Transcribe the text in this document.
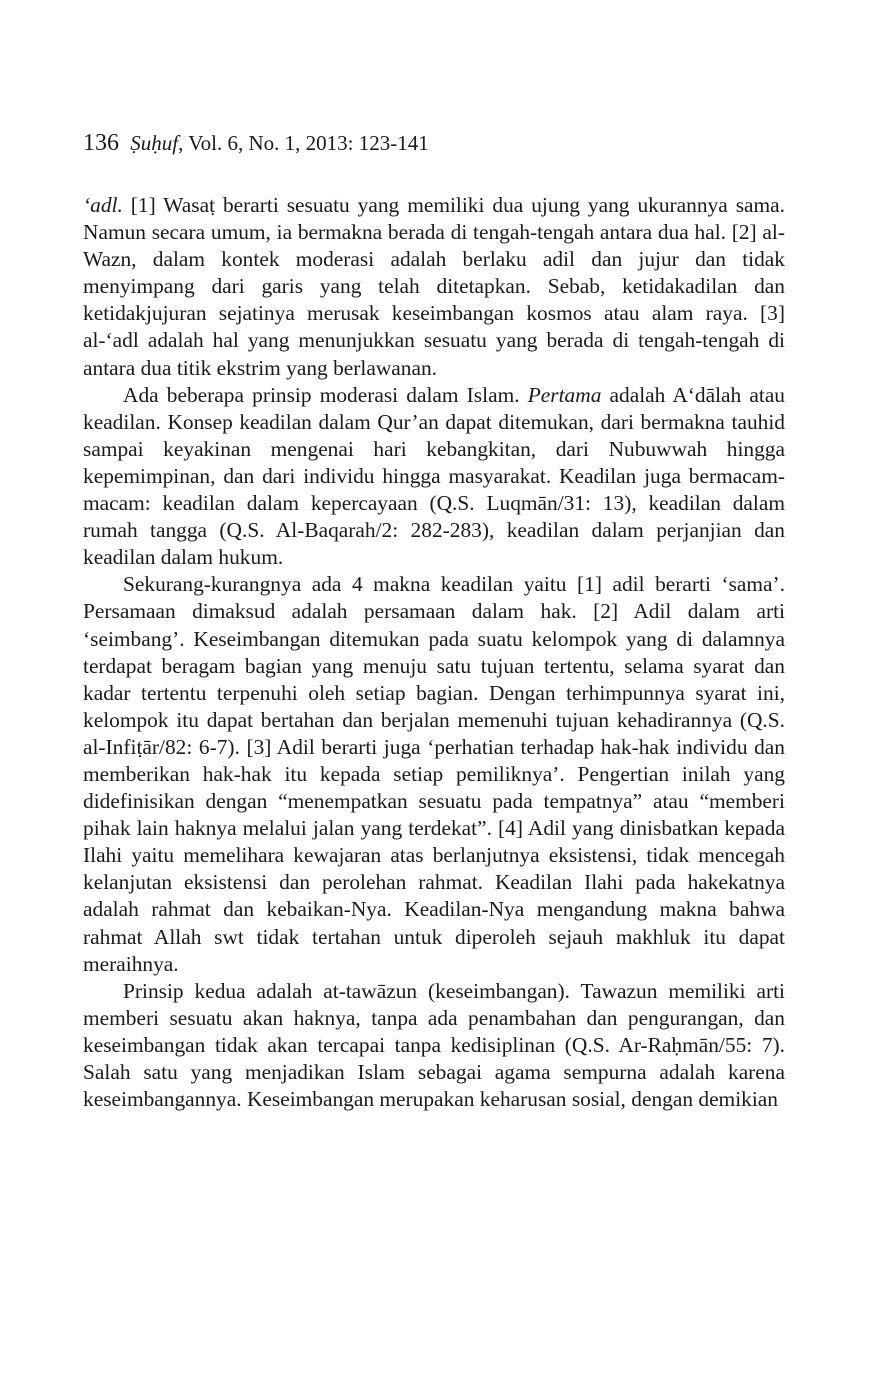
136 Ṣuḥuf, Vol. 6, No. 1, 2013: 123-141

‘adl. [1] Wasaṭ berarti sesuatu yang memiliki dua ujung yang ukurannya sama. Namun secara umum, ia bermakna berada di tengah-tengah antara dua hal. [2] al-Wazn, dalam kontek moderasi adalah berlaku adil dan jujur dan tidak menyimpang dari garis yang telah ditetapkan. Sebab, ketidakadilan dan ketidakjujuran sejatinya merusak keseimbangan kosmos atau alam raya. [3] al-‘adl adalah hal yang menunjukkan sesuatu yang berada di tengah-tengah di antara dua titik ekstrim yang berlawanan.

Ada beberapa prinsip moderasi dalam Islam. Pertama adalah A‘dālah atau keadilan. Konsep keadilan dalam Qur’an dapat ditemukan, dari bermakna tauhid sampai keyakinan mengenai hari kebangkitan, dari Nubuwwah hingga kepemimpinan, dan dari individu hingga masyarakat. Keadilan juga bermacam-macam: keadilan dalam kepercayaan (Q.S. Luqmān/31: 13), keadilan dalam rumah tangga (Q.S. Al-Baqarah/2: 282-283), keadilan dalam perjanjian dan keadilan dalam hukum.

Sekurang-kurangnya ada 4 makna keadilan yaitu [1] adil berarti ‘sama’. Persamaan dimaksud adalah persamaan dalam hak. [2] Adil dalam arti ‘seimbang’. Keseimbangan ditemukan pada suatu kelompok yang di dalamnya terdapat beragam bagian yang menuju satu tujuan tertentu, selama syarat dan kadar tertentu terpenuhi oleh setiap bagian. Dengan terhimpunnya syarat ini, kelompok itu dapat bertahan dan berjalan memenuhi tujuan kehadirannya (Q.S. al-Infiṭār/82: 6-7). [3] Adil berarti juga ‘perhatian terhadap hak-hak individu dan memberikan hak-hak itu kepada setiap pemiliknya’. Pengertian inilah yang didefinisikan dengan “menempatkan sesuatu pada tempatnya” atau “memberi pihak lain haknya melalui jalan yang terdekat”. [4] Adil yang dinisbatkan kepada Ilahi yaitu memelihara kewajaran atas berlanjutnya eksistensi, tidak mencegah kelanjutan eksistensi dan perolehan rahmat. Keadilan Ilahi pada hakekatnya adalah rahmat dan kebaikan-Nya. Keadilan-Nya mengandung makna bahwa rahmat Allah swt tidak tertahan untuk diperoleh sejauh makhluk itu dapat meraihnya.

Prinsip kedua adalah at-tawāzun (keseimbangan). Tawazun memiliki arti memberi sesuatu akan haknya, tanpa ada penambahan dan pengurangan, dan keseimbangan tidak akan tercapai tanpa kedisiplinan (Q.S. Ar-Raḥmān/55: 7). Salah satu yang menjadikan Islam sebagai agama sempurna adalah karena keseimbangannya. Keseimbangan merupakan keharusan sosial, dengan demikian
